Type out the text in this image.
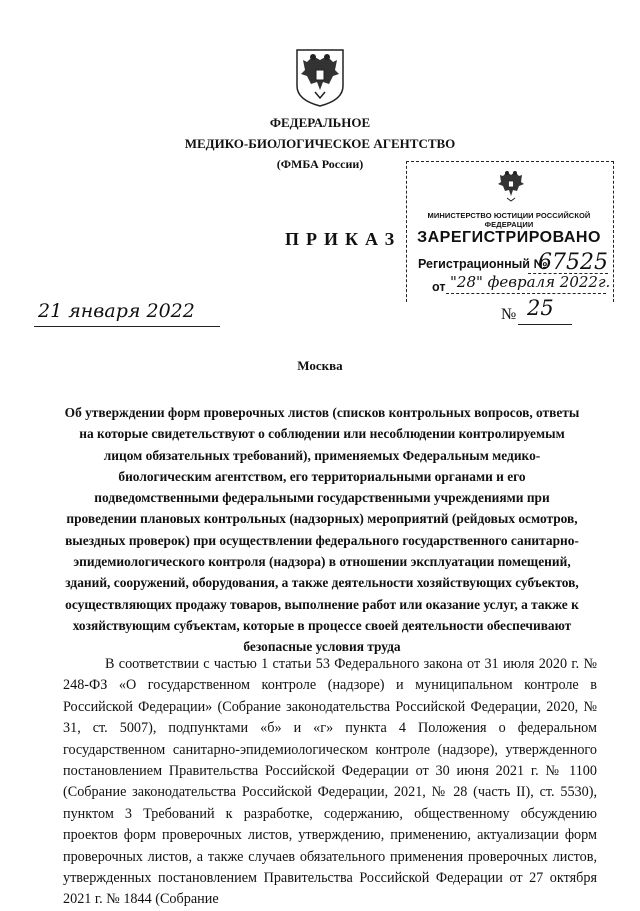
ФЕДЕРАЛЬНОЕ
МЕДИКО-БИОЛОГИЧЕСКОЕ АГЕНТСТВО
(ФМБА России)
ПРИКАЗ
МИНИСТЕРСТВО ЮСТИЦИИ РОССИЙСКОЙ ФЕДЕРАЦИИ
ЗАРЕГИСТРИРОВАНО
Регистрационный №
67525
от "28" февраля 2022г.
21 января 2022	№ 25
Москва
Об утверждении форм проверочных листов (списков контрольных вопросов, ответы на которые свидетельствуют о соблюдении или несоблюдении контролируемым лицом обязательных требований), применяемых Федеральным медико-биологическим агентством, его территориальными органами и его подведомственными федеральными государственными учреждениями при проведении плановых контрольных (надзорных) мероприятий (рейдовых осмотров, выездных проверок) при осуществлении федерального государственного санитарно-эпидемиологического контроля (надзора) в отношении эксплуатации помещений, зданий, сооружений, оборудования, а также деятельности хозяйствующих субъектов, осуществляющих продажу товаров, выполнение работ или оказание услуг, а также к хозяйствующим субъектам, которые в процессе своей деятельности обеспечивают безопасные условия труда
В соответствии с частью 1 статьи 53 Федерального закона от 31 июля 2020 г. № 248-ФЗ «О государственном контроле (надзоре) и муниципальном контроле в Российской Федерации» (Собрание законодательства Российской Федерации, 2020, № 31, ст. 5007), подпунктами «б» и «г» пункта 4 Положения о федеральном государственном санитарно-эпидемиологическом контроле (надзоре), утвержденного постановлением Правительства Российской Федерации от 30 июня 2021 г. № 1100 (Собрание законодательства Российской Федерации, 2021, № 28 (часть II), ст. 5530), пунктом 3 Требований к разработке, содержанию, общественному обсуждению проектов форм проверочных листов, утверждению, применению, актуализации форм проверочных листов, а также случаев обязательного применения проверочных листов, утвержденных постановлением Правительства Российской Федерации от 27 октября 2021 г. № 1844 (Собрание
